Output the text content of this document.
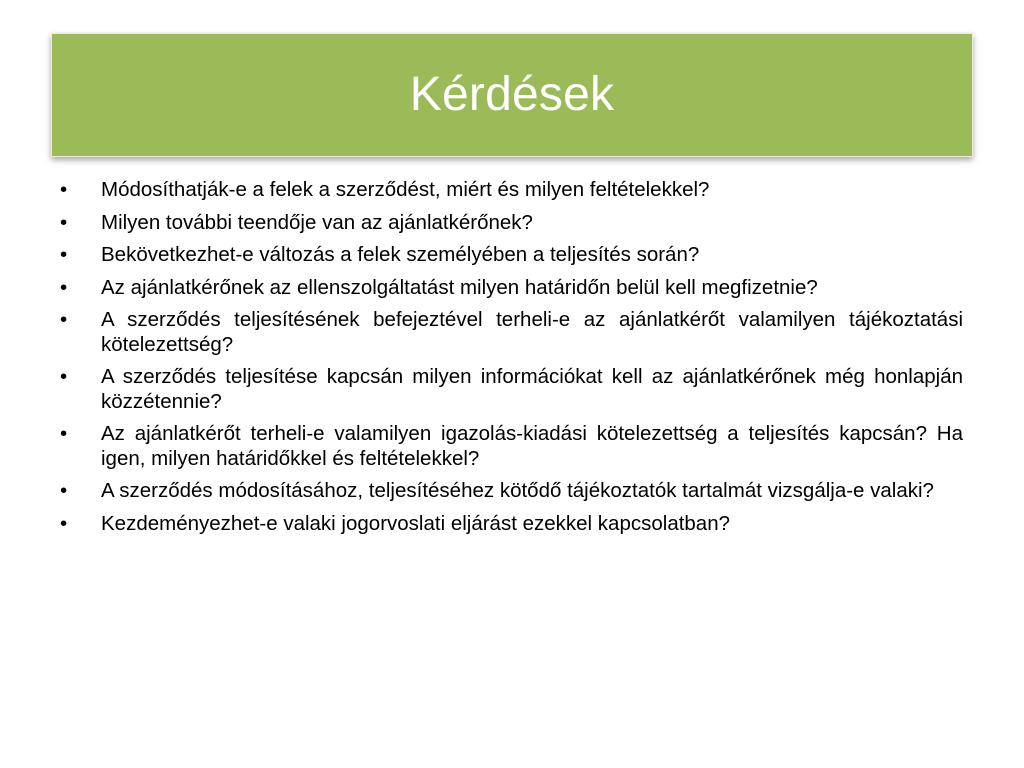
Kérdések
•	Módosíthatják-e a felek a szerződést, miért és milyen feltételekkel?
•	Milyen további teendője van az ajánlatkérőnek?
•	Bekövetkezhet-e változás a felek személyében a teljesítés során?
•	Az ajánlatkérőnek az ellenszolgáltatást milyen határidőn belül kell megfizetnie?
•	A szerződés teljesítésének befejeztével terheli-e az ajánlatkérőt valamilyen tájékoztatási kötelezettség?
•	A szerződés teljesítése kapcsán milyen információkat kell az ajánlatkérőnek még honlapján közzétennie?
•	Az ajánlatkérőt terheli-e valamilyen igazolás-kiadási kötelezettség a teljesítés kapcsán? Ha igen, milyen határidőkkel és feltételekkel?
•	A szerződés módosításához, teljesítéséhez kötődő tájékoztatók tartalmát vizsgálja-e valaki?
•	Kezdeményezhet-e valaki jogorvoslati eljárást ezekkel kapcsolatban?
